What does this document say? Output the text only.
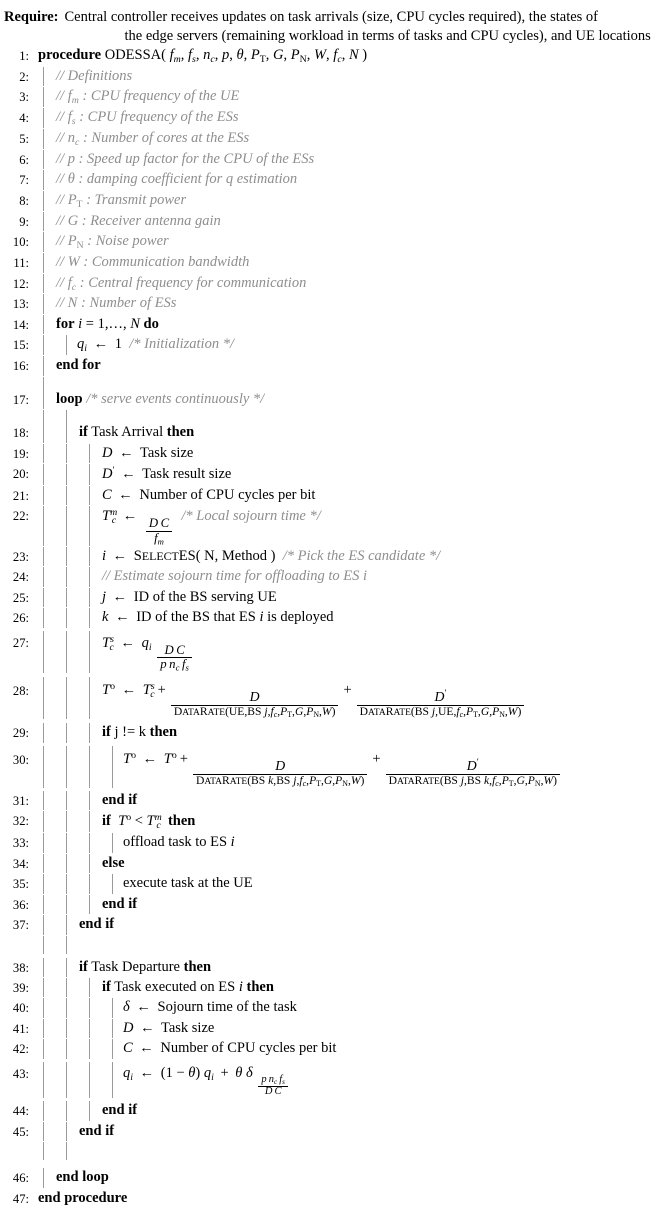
Require: Central controller receives updates on task arrivals (size, CPU cycles required), the states of
the edge servers (remaining workload in terms of tasks and CPU cycles), and UE locations
1: procedure ODESSA( $f_m$, $f_s$, $n_c$, p, θ, PT, G, PN, W, $f_c$, N )
2:	// Definitions
3:	// $f_m$ : CPU frequency of the UE
4:	// $f_s$ : CPU frequency of the ESs
5:	// $n_c$ : Number of cores at the ESs
6:	// p : Speed up factor for the CPU of the ESs
7:	// θ : damping coefficient for q estimation
8:	// PT : Transmit power
9:	// G : Receiver antenna gain
10:	// PN : Noise power
11:	// W : Communication bandwidth
12:	// $f_c$ : Central frequency for communication
13:	// N : Number of ESs
14:	for i = 1,…, N do
15:	$q_i$ ← 1  /* Initialization */
16:	end for
17:	loop /* serve events continuously */
18:	if Task Arrival then
19:	D ← Task size
20:	D′ ← Task result size
21:	C ← Number of CPU cycles per bit
22:	$T^m_c$ ←
$\frac{\text{D C}}{f_m}$
/* Local sojourn time */
23:	i ← SELECTES( N, Method )  /* Pick the ES candidate */
24:	// Estimate sojourn time for offloading to ES i
25:	j ← ID of the BS serving UE
26:	k ← ID of the BS that ES i is deployed
27:	$T^s_c$ ← $q_i \frac{\text{D C}}{p n_c f_s}$
28:	$T^o$ ← $T^s_c$ +
$\frac{D}{DATARATE(UE,BS j,f_c,PT,G,PN,W)}$
+
$\frac{D'}{DATARATE(BS j,UE,f_c,PT,G,PN,W)}$
29:	if j != k then
30:	$T^o$ ← $T^o$ +
$\frac{D}{DATARATE(BS k,BS j,f_c,PT,G,PN,W)}$
+
$\frac{D'}{DATARATE(BS j,BS k,f_c,PT,G,PN,W)}$
31:	end if
32:	if $T^o < T^m_c$ then
33:	offload task to ES i
34:	else
35:	execute task at the UE
36:	end if
37:	end if
38:	if Task Departure then
39:	if Task executed on ES i then
40:	δ ← Sojourn time of the task
41:	D ← Task size
42:	C ← Number of CPU cycles per bit
43:	$q_i$ ← (1 − θ) $q_i + \theta$ δ
$\frac{p n_c f_s}{\text{D C}}$
44:	end if
45:	end if
46:	end loop
47: end procedure
